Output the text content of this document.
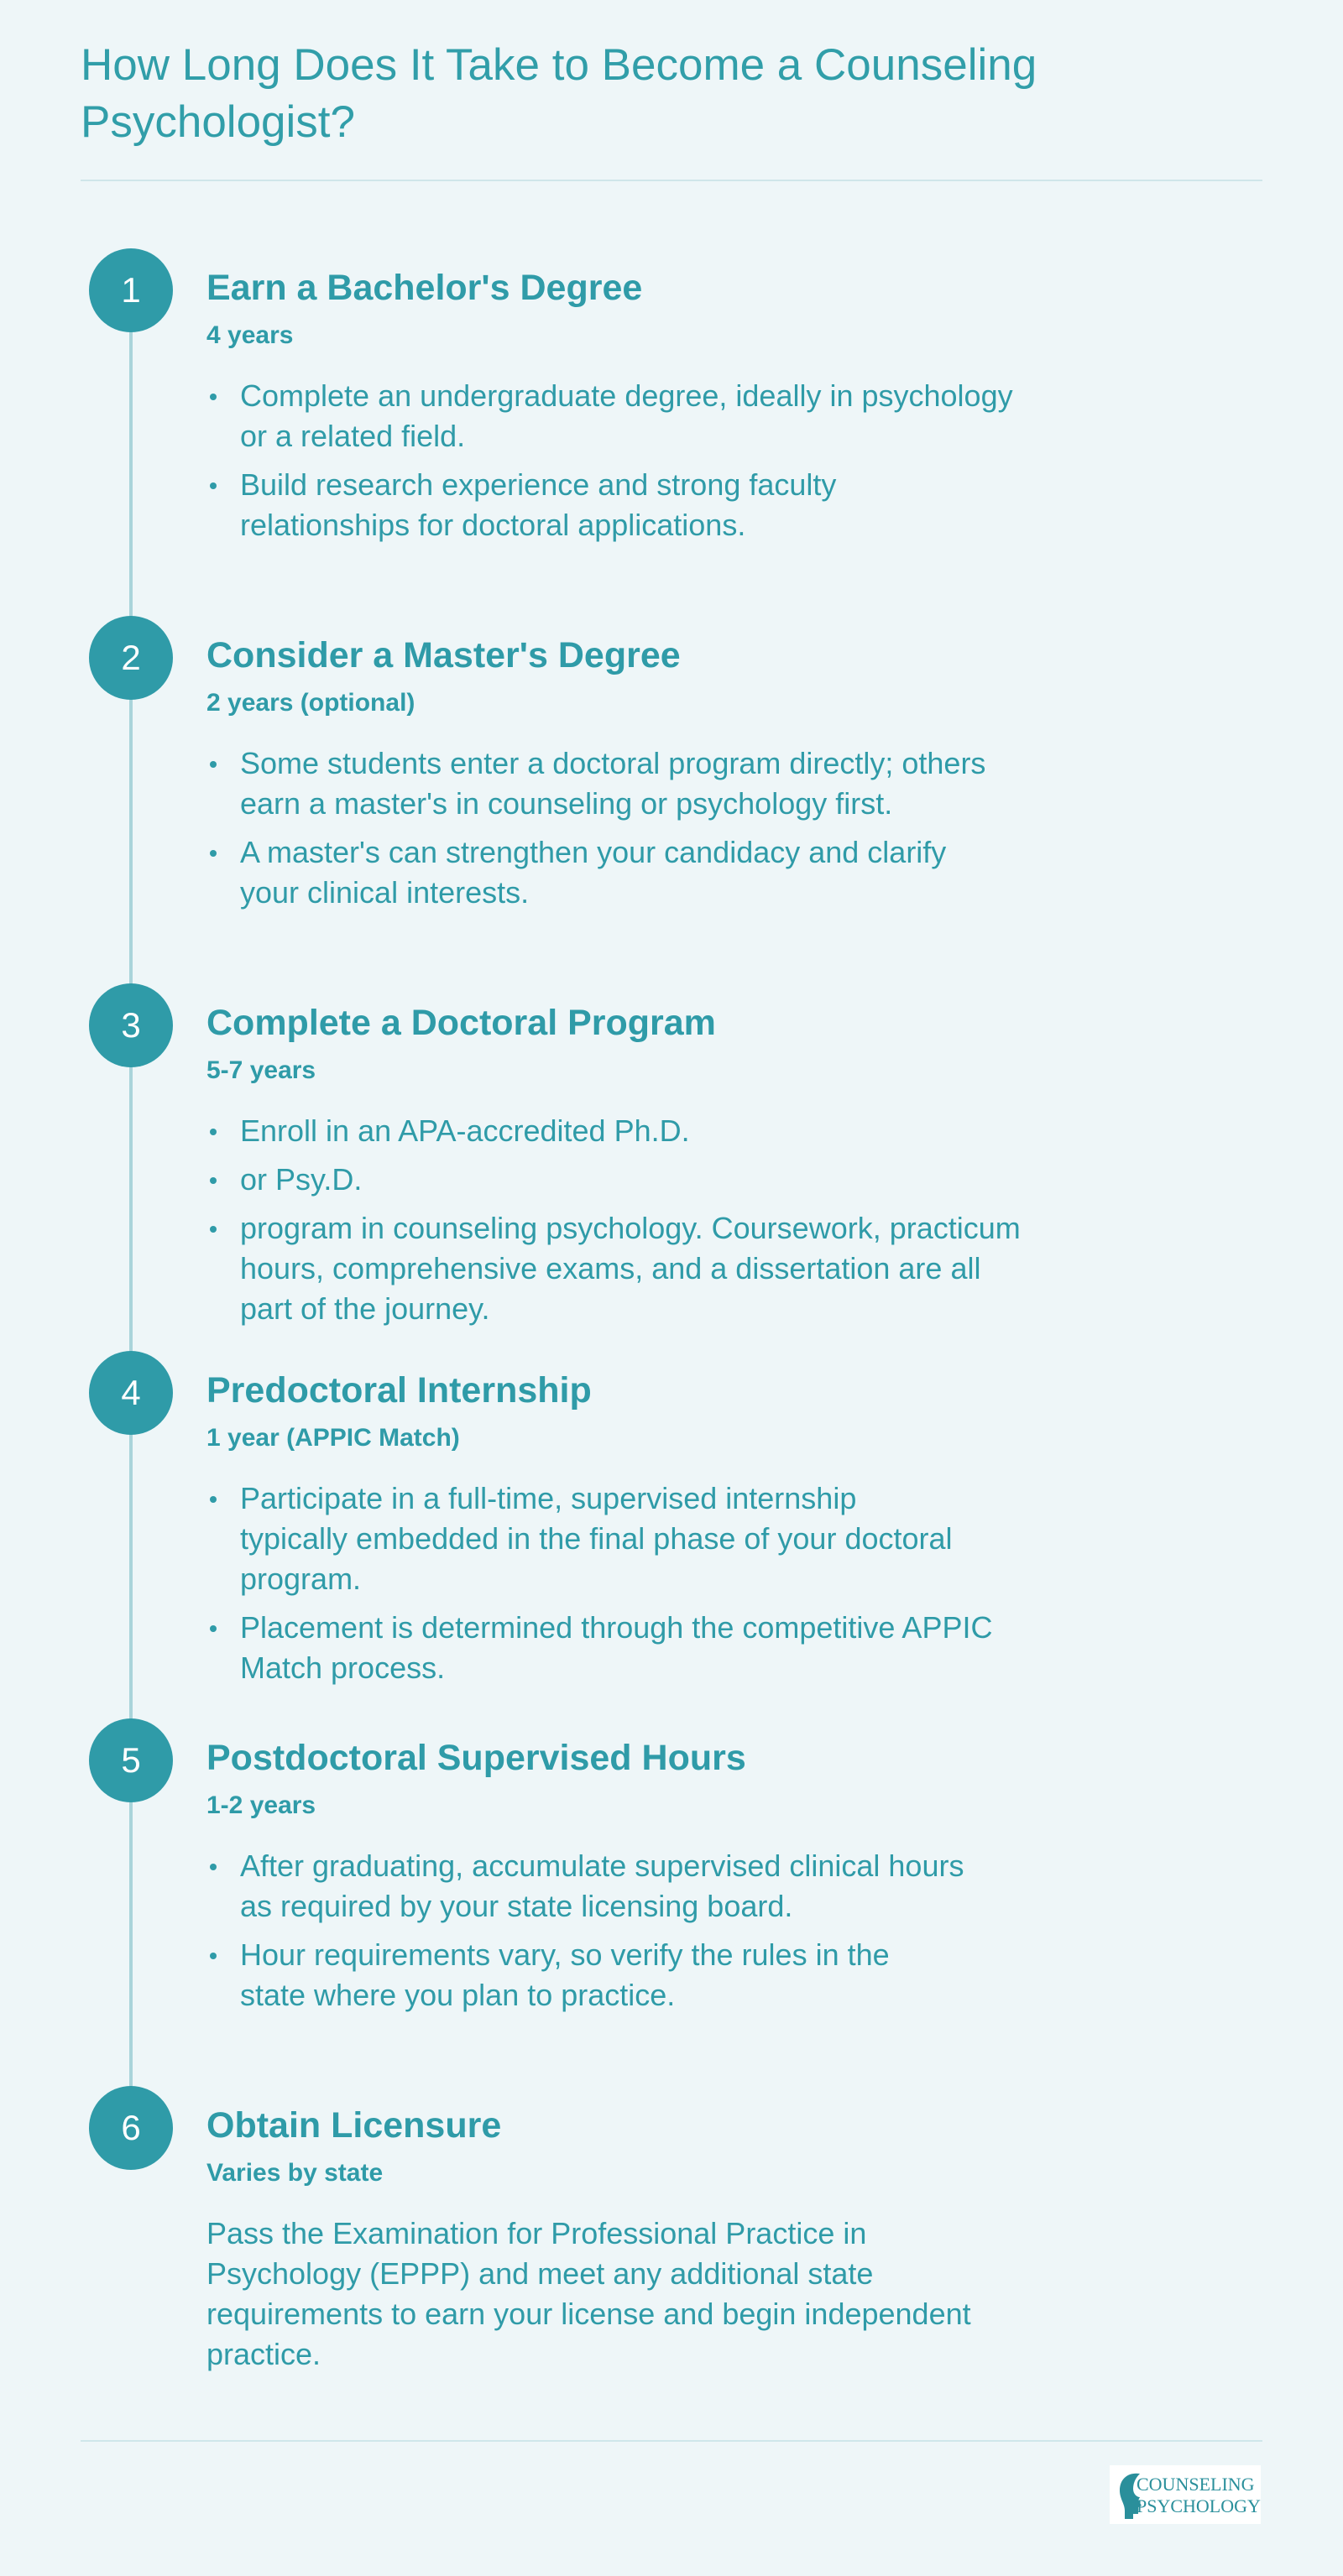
How Long Does It Take to Become a Counseling Psychologist?
1	Earn a Bachelor's Degree
4 years
Complete an undergraduate degree, ideally in psychology
or a related field.
Build research experience and strong faculty
relationships for doctoral applications.
2	Consider a Master's Degree
2 years (optional)
Some students enter a doctoral program directly; others
earn a master's in counseling or psychology first.
A master's can strengthen your candidacy and clarify
your clinical interests.
3	Complete a Doctoral Program
5-7 years
Enroll in an APA-accredited Ph.D.
or Psy.D.
program in counseling psychology. Coursework, practicum
hours, comprehensive exams, and a dissertation are all
part of the journey.
4	Predoctoral Internship
1 year (APPIC Match)
Participate in a full-time, supervised internship
typically embedded in the final phase of your doctoral
program.
Placement is determined through the competitive APPIC
Match process.
5	Postdoctoral Supervised Hours
1-2 years
After graduating, accumulate supervised clinical hours
as required by your state licensing board.
Hour requirements vary, so verify the rules in the
state where you plan to practice.
6	Obtain Licensure
Varies by state
Pass the Examination for Professional Practice in
Psychology (EPPP) and meet any additional state
requirements to earn your license and begin independent
practice.
COUNSELING
PSYCHOLOGY
